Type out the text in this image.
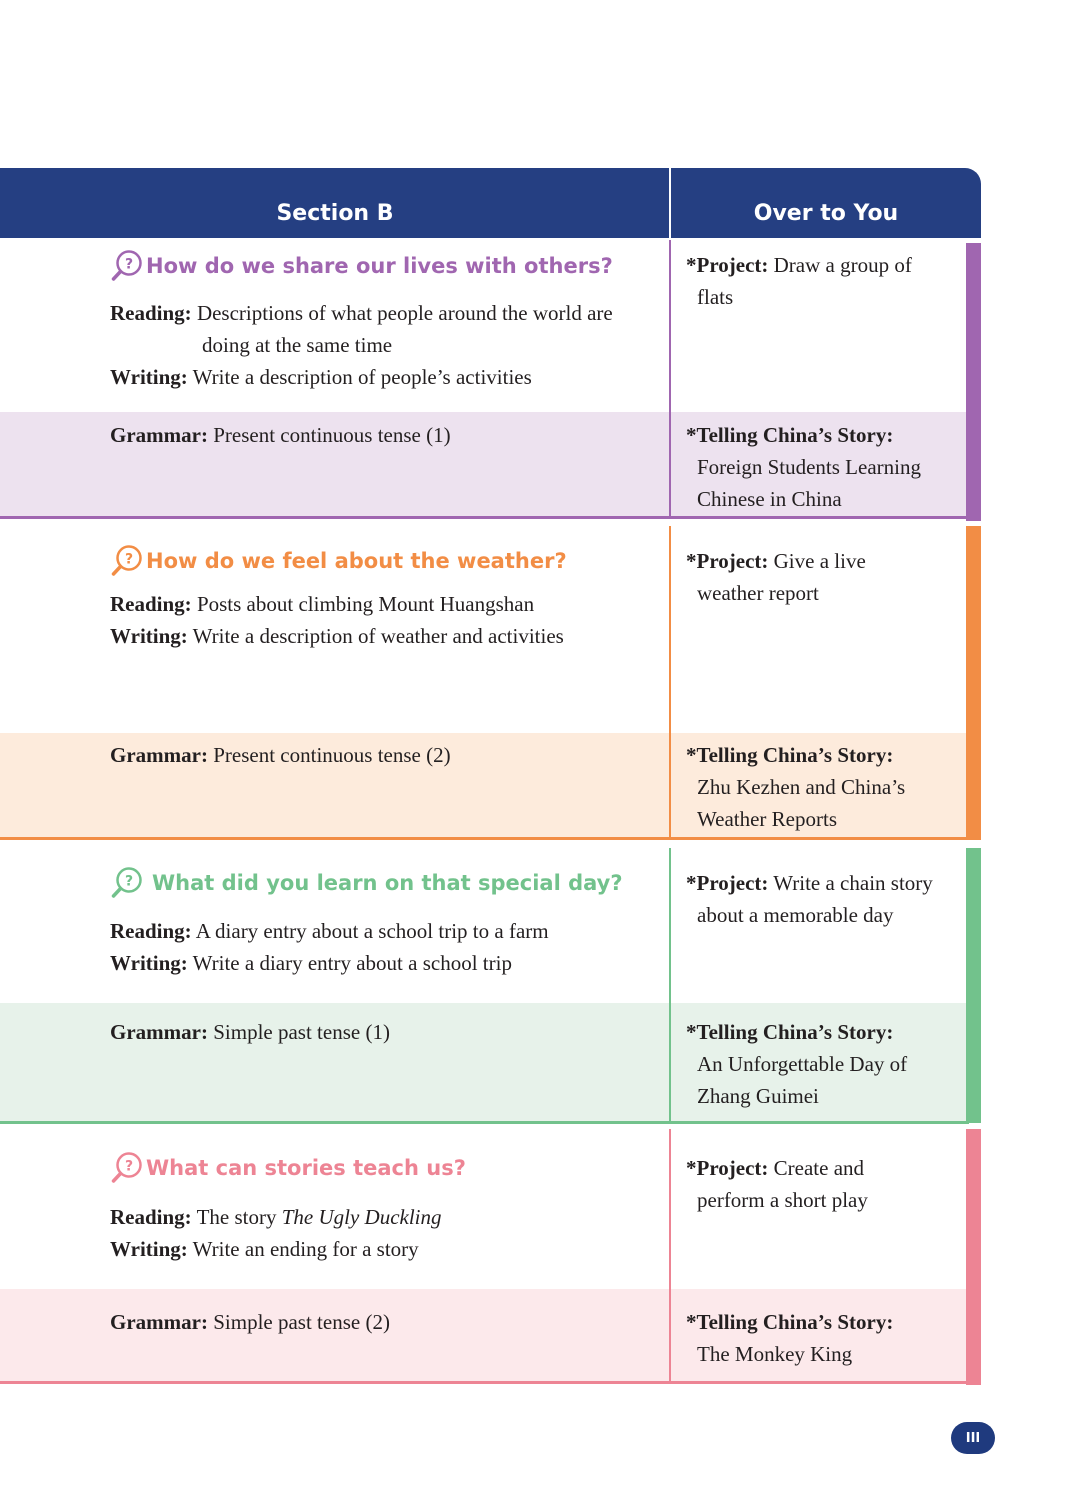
Section B	Over to You
? How do we share our lives with others?
Reading: Descriptions of what people around the world are
doing at the same time
Writing: Write a description of people’s activities
Grammar: Present continuous tense (1)
*Project: Draw a group of
flats
*Telling China’s Story:
Foreign Students Learning
Chinese in China
? How do we feel about the weather?
Reading: Posts about climbing Mount Huangshan
Writing: Write a description of weather and activities
Grammar: Present continuous tense (2)
*Project: Give a live
weather report
*Telling China’s Story:
Zhu Kezhen and China’s
Weather Reports
? What did you learn on that special day?
Reading: A diary entry about a school trip to a farm
Writing: Write a diary entry about a school trip
Grammar: Simple past tense (1)
*Project: Write a chain story
about a memorable day
*Telling China’s Story:
An Unforgettable Day of
Zhang Guimei
? What can stories teach us?
Reading: The story The Ugly Duckling
Writing: Write an ending for a story
Grammar: Simple past tense (2)
*Project: Create and
perform a short play
*Telling China’s Story:
The Monkey King
III
